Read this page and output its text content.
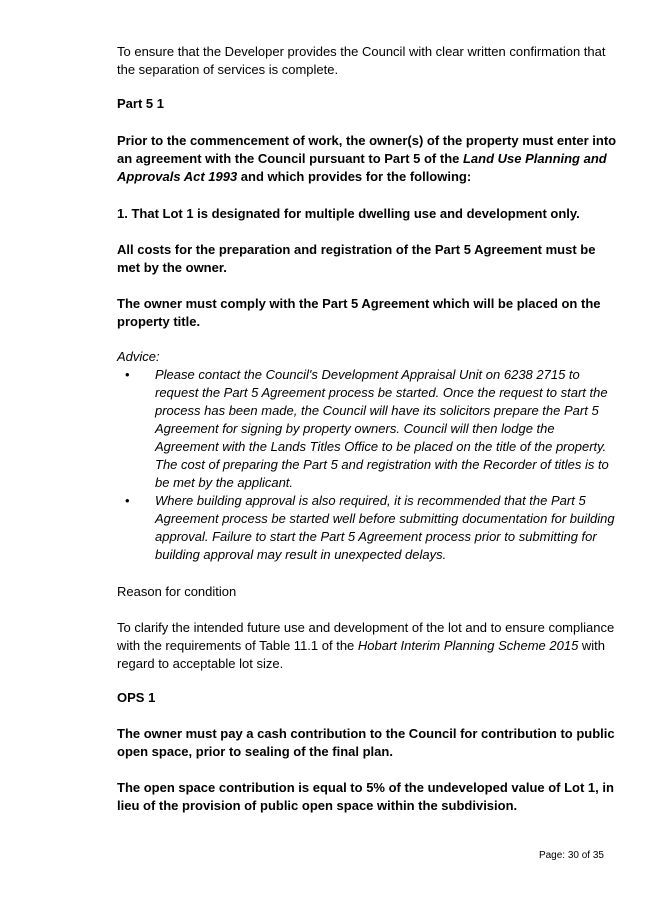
To ensure that the Developer provides the Council with clear written confirmation that
the separation of services is complete.

Part 5 1

Prior to the commencement of work, the owner(s) of the property must enter into an agreement with the Council pursuant to Part 5 of the Land Use Planning and Approvals Act 1993 and which provides for the following:

1. That Lot 1 is designated for multiple dwelling use and development only.

All costs for the preparation and registration of the Part 5 Agreement must be met by the owner.

The owner must comply with the Part 5 Agreement which will be placed on the property title.

Advice:

• Please contact the Council's Development Appraisal Unit on 6238 2715 to request the Part 5 Agreement process be started. Once the request to start the process has been made, the Council will have its solicitors prepare the Part 5 Agreement for signing by property owners. Council will then lodge the Agreement with the Lands Titles Office to be placed on the title of the property. The cost of preparing the Part 5 and registration with the Recorder of titles is to be met by the applicant.
• Where building approval is also required, it is recommended that the Part 5 Agreement process be started well before submitting documentation for building approval. Failure to start the Part 5 Agreement process prior to submitting for building approval may result in unexpected delays.

Reason for condition

To clarify the intended future use and development of the lot and to ensure compliance with the requirements of Table 11.1 of the Hobart Interim Planning Scheme 2015 with regard to acceptable lot size.

OPS 1

The owner must pay a cash contribution to the Council for contribution to public open space, prior to sealing of the final plan.

The open space contribution is equal to 5% of the undeveloped value of Lot 1, in lieu of the provision of public open space within the subdivision.

Page: 30 of 35
